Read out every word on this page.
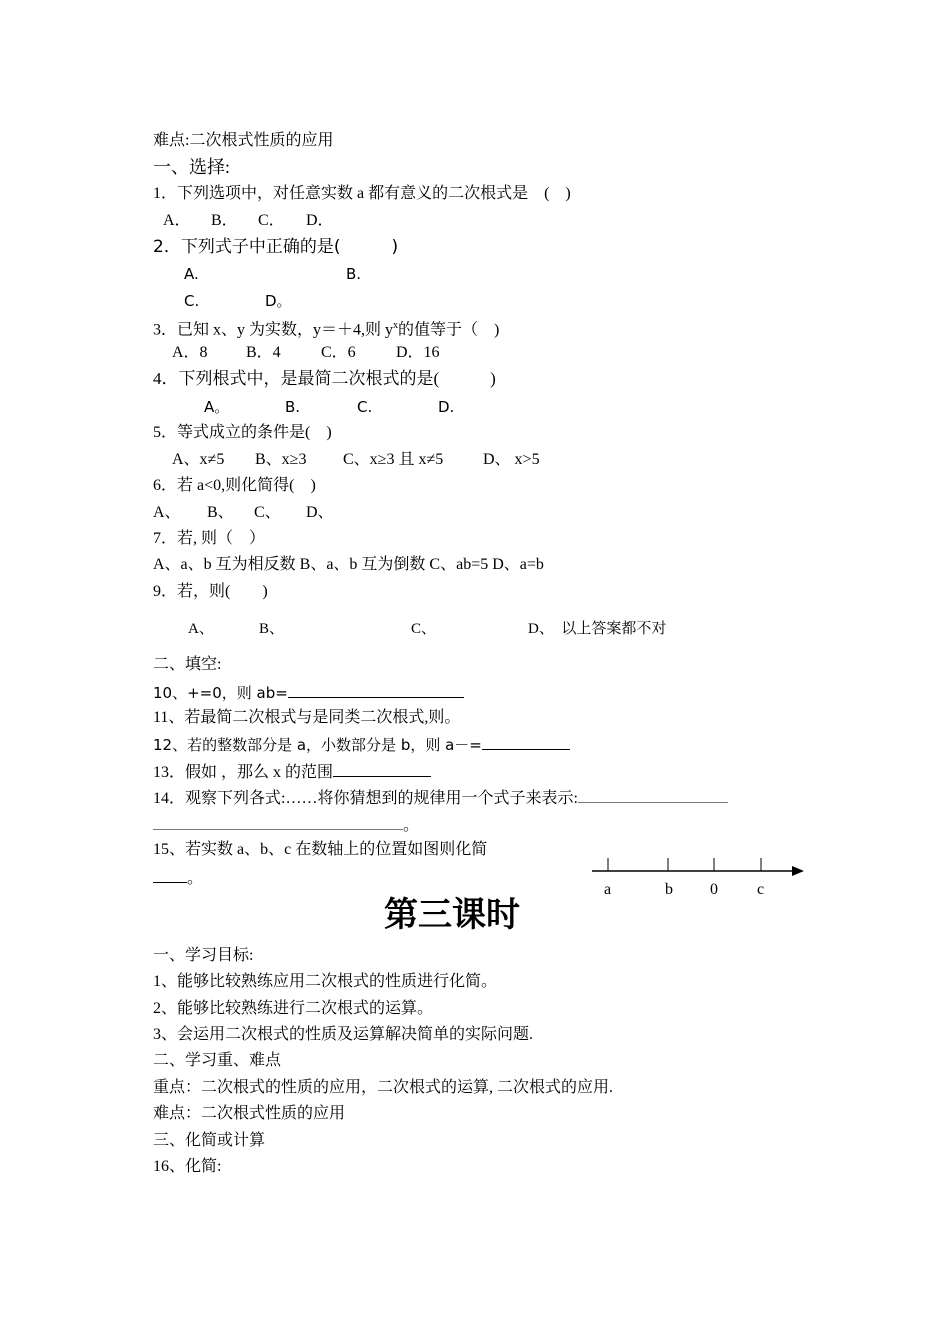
难点:二次根式性质的应用
一、选择:
1．下列选项中，对任意实数 a 都有意义的二次根式是　(　)
A． B． C． D．
2．下列式子中正确的是(　　　)
A.	B.
C.	D。
3．已知 x、y 为实数，y＝＋4,则 $y^x$的值等于（　)
A．8 B．4	C．6	D．16
4．下列根式中，是最简二次根式的是(　　　)
A。	B.	C.	D.
5．等式成立的条件是(　)
A、x≠5 B、x≥3 C、x≥3 且 x≠5 D、 x>5
6．若 a<0,则化简得(　)
A、 B、 C、 D、
7．若, 则（　）
A、a、b 互为相反数 B、a、b 互为倒数 C、ab=5 D、a=b
9．若，则(　　)
A、	B、	C、	D、　以上答案都不对
二、填空:
10、+=0，则 ab=
11、若最简二次根式与是同类二次根式,则。
12、若的整数部分是 a，小数部分是 b，则 a－=
13．假如 ，那么 x 的范围
14．观察下列各式:……将你猜想到的规律用一个式子来表示:
。
15、若实数 a、b、c 在数轴上的位置如图则化简
。
a	b 0 c
第三课时
一、学习目标:
1、能够比较熟练应用二次根式的性质进行化简。
2、能够比较熟练进行二次根式的运算。
3、会运用二次根式的性质及运算解决简单的实际问题.
二、学习重、难点
重点：二次根式的性质的应用，二次根式的运算, 二次根式的应用.
难点：二次根式性质的应用
三、化简或计算
16、化简:
